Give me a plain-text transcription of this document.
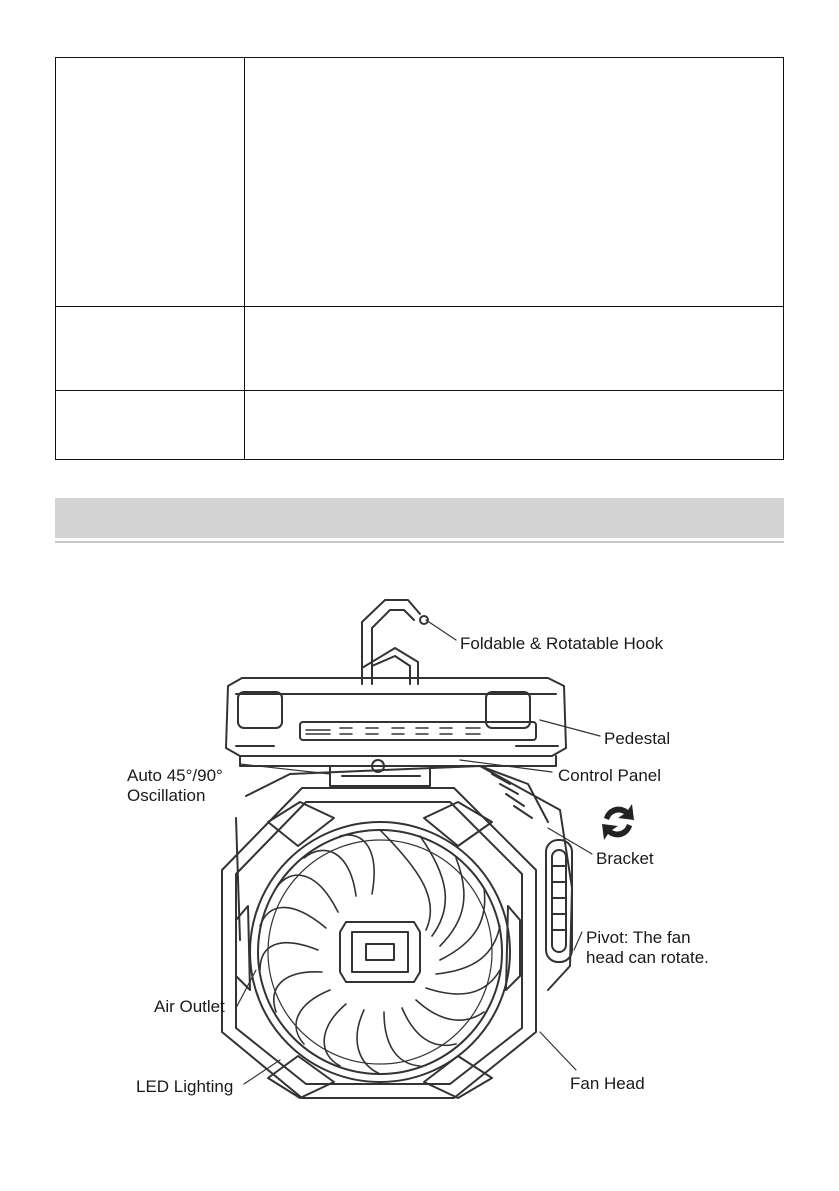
Foldable & Rotatable Hook
Pedestal
Auto 45°/90°
Oscillation
Control Panel
Bracket
Pivot: The fan
head can rotate.
Air Outlet
LED Lighting	Fan Head
